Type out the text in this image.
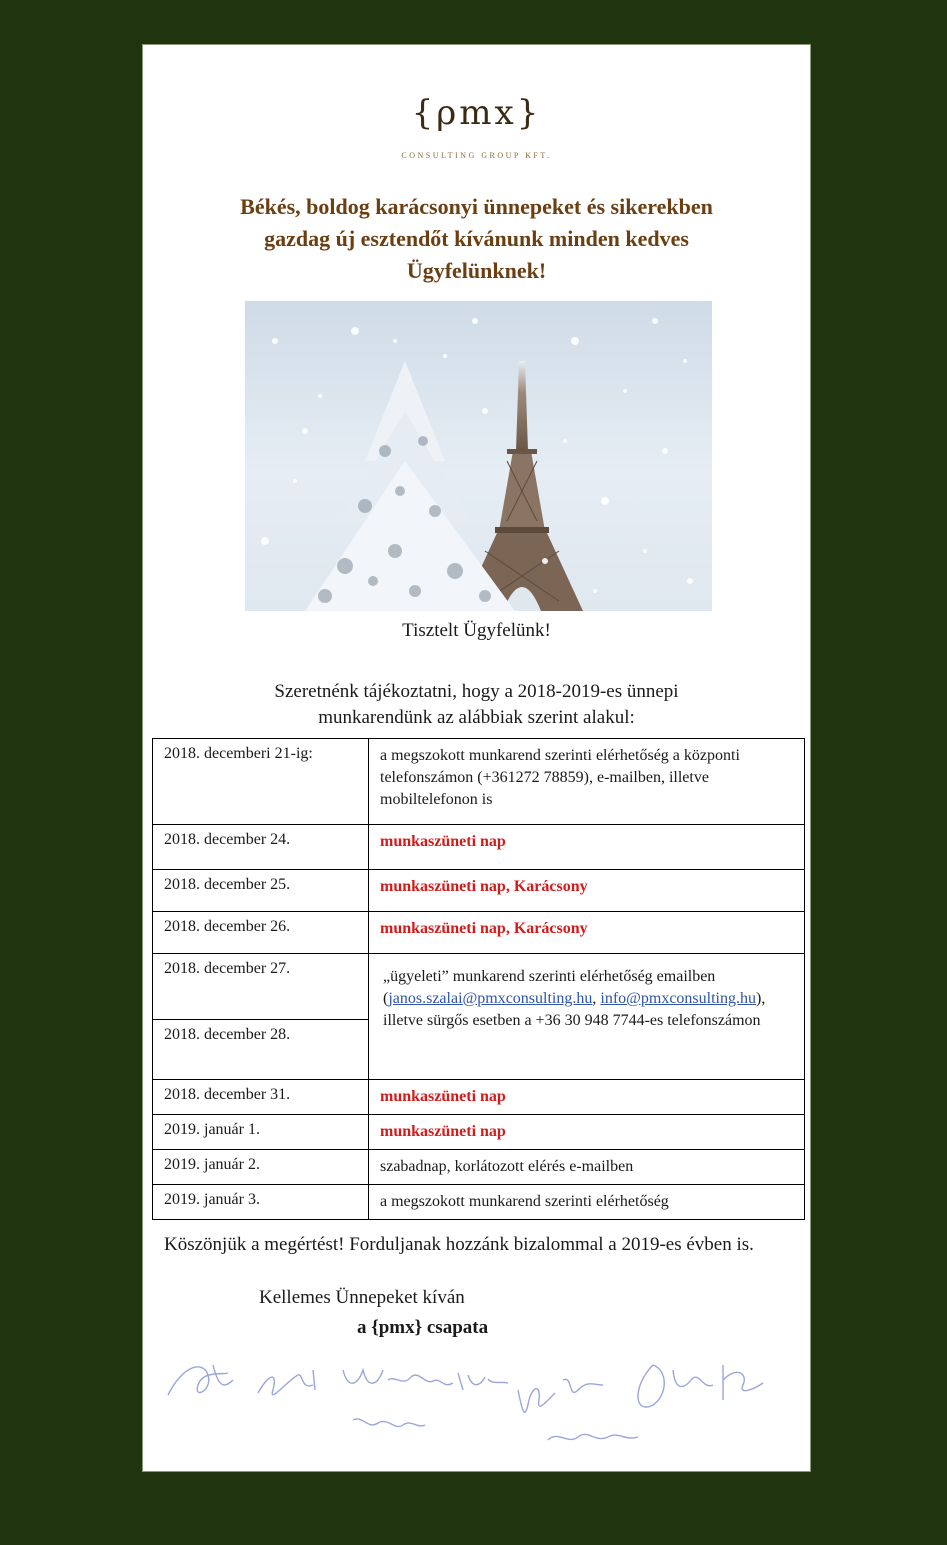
{ρmx}
CONSULTING GROUP KFT.
Békés, boldog karácsonyi ünnepeket és sikerekben
gazdag új esztendőt kívánunk minden kedves
Ügyfelünknek!
Tisztelt Ügyfelünk!
Szeretnénk tájékoztatni, hogy a 2018-2019-es ünnepi
munkarendünk az alábbiak szerint alakul:
2018. decemberi 21-ig:	a megszokott munkarend szerinti elérhetőség a központi telefonszámon (+361272 78859), e-mailben, illetve mobiltelefonon is
2018. december 24.	munkaszüneti nap
2018. december 25.	munkaszüneti nap, Karácsony
2018. december 26.	munkaszüneti nap, Karácsony
2018. december 27.	„ügyeleti” munkarend szerinti elérhetőség emailben (janos.szalai@pmxconsulting.hu, info@pmxconsulting.hu), illetve sürgős esetben a +36 30 948 7744-es telefonszámon
2018. december 28.	
2018. december 31.	munkaszüneti nap
2019. január 1.	munkaszüneti nap
2019. január 2.	szabadnap, korlátozott elérés e-mailben
2019. január 3.	a megszokott munkarend szerinti elérhetőség
Köszönjük a megértést! Forduljanak hozzánk bizalommal a 2019-es évben is.
Kellemes Ünnepeket kíván
a {pmx} csapata
